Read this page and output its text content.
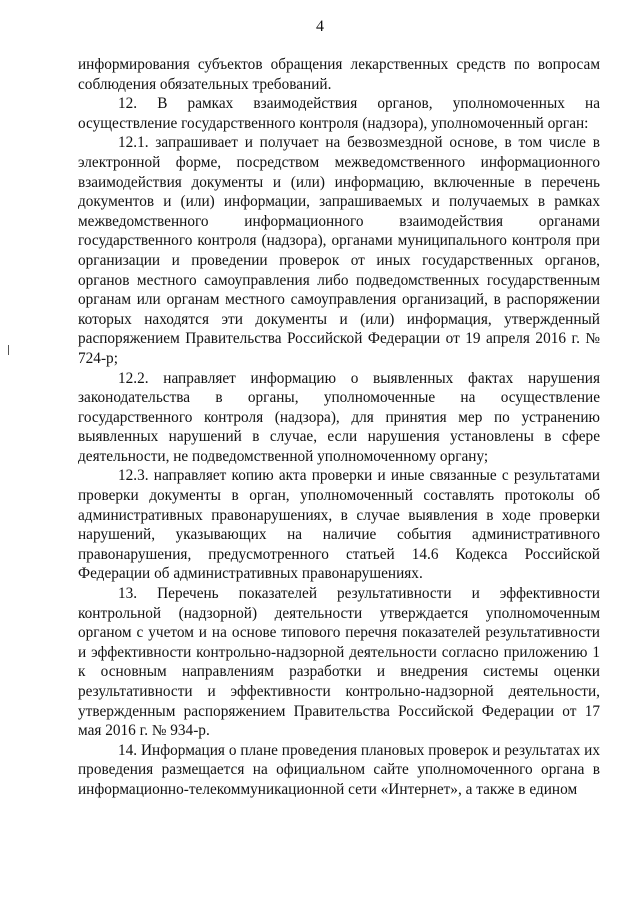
4

информирования субъектов обращения лекарственных средств по вопросам соблюдения обязательных требований.

12. В рамках взаимодействия органов, уполномоченных на осуществление государственного контроля (надзора), уполномоченный орган:

12.1. запрашивает и получает на безвозмездной основе, в том числе в электронной форме, посредством межведомственного информационного взаимодействия документы и (или) информацию, включенные в перечень документов и (или) информации, запрашиваемых и получаемых в рамках межведомственного информационного взаимодействия органами государственного контроля (надзора), органами муниципального контроля при организации и проведении проверок от иных государственных органов, органов местного самоуправления либо подведомственных государственным органам или органам местного самоуправления организаций, в распоряжении которых находятся эти документы и (или) информация, утвержденный распоряжением Правительства Российской Федерации от 19 апреля 2016 г. № 724-р;

12.2. направляет информацию о выявленных фактах нарушения законодательства в органы, уполномоченные на осуществление государственного контроля (надзора), для принятия мер по устранению выявленных нарушений в случае, если нарушения установлены в сфере деятельности, не подведомственной уполномоченному органу;

12.3. направляет копию акта проверки и иные связанные с результатами проверки документы в орган, уполномоченный составлять протоколы об административных правонарушениях, в случае выявления в ходе проверки нарушений, указывающих на наличие события административного правонарушения, предусмотренного статьей 14.6 Кодекса Российской Федерации об административных правонарушениях.

13. Перечень показателей результативности и эффективности контрольной (надзорной) деятельности утверждается уполномоченным органом с учетом и на основе типового перечня показателей результативности и эффективности контрольно-надзорной деятельности согласно приложению 1 к основным направлениям разработки и внедрения системы оценки результативности и эффективности контрольно-надзорной деятельности, утвержденным распоряжением Правительства Российской Федерации от 17 мая 2016 г. № 934-р.

14. Информация о плане проведения плановых проверок и результатах их проведения размещается на официальном сайте уполномоченного органа в информационно-телекоммуникационной сети «Интернет», а также в едином
